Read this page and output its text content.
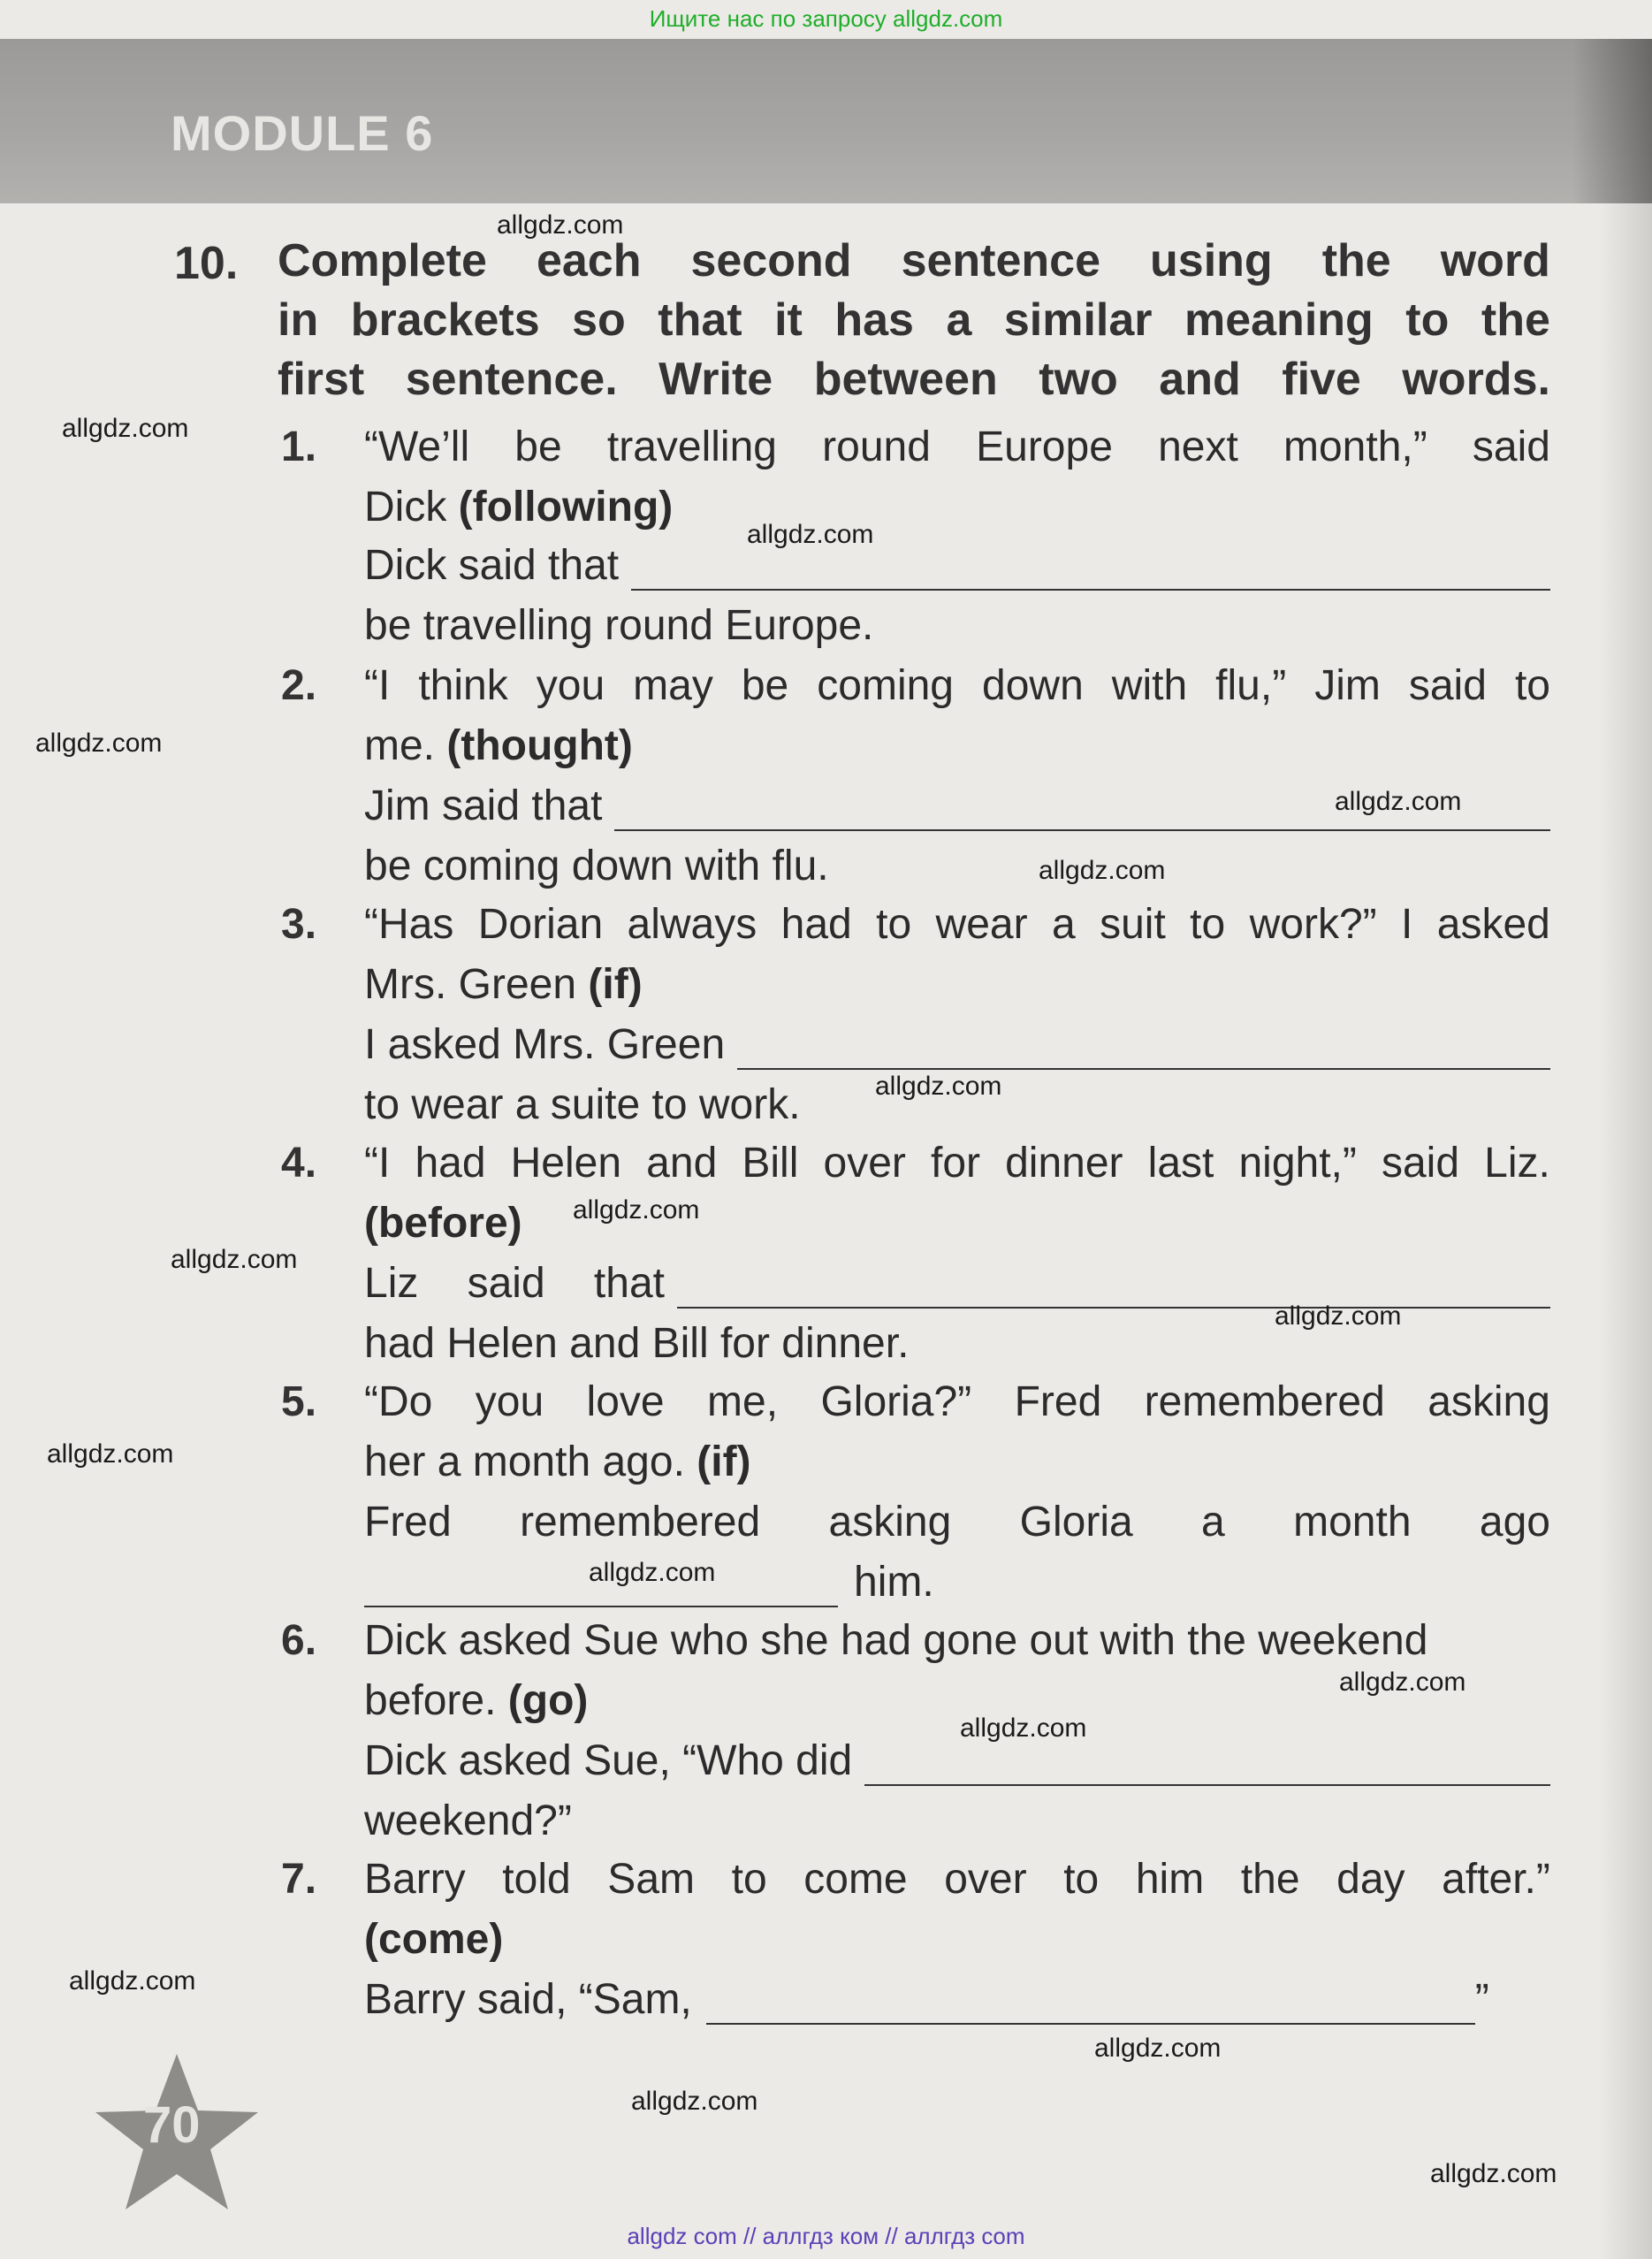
Ищите нас по запросу allgdz.com
MODULE 6
10. Complete each second sentence using the word
in brackets so that it has a similar meaning to the
first sentence. Write between two and five words.
1. “We’ll be travelling round Europe next month,” said
Dick (following)
Dick said that
be travelling round Europe.
2. “I think you may be coming down with flu,” Jim said to
me. (thought)
Jim said that
be coming down with flu.
3. “Has Dorian always had to wear a suit to work?” I asked
Mrs. Green (if)
I asked Mrs. Green
to wear a suite to work.
4. “I had Helen and Bill over for dinner last night,” said Liz.
(before)
Liz said that
had Helen and Bill for dinner.
5. “Do you love me, Gloria?” Fred remembered asking
her a month ago. (if)
Fred remembered asking Gloria a month ago
him.
6. Dick asked Sue who she had gone out with the weekend
before. (go)
Dick asked Sue, “Who did
weekend?”
7. Barry told Sam to come over to him the day after.”
(come)
Barry said, “Sam,	”
allgdz.com
allgdz.com
allgdz.com
allgdz.com
allgdz.com
allgdz.com
allgdz.com
allgdz.com
allgdz.com
allgdz.com
allgdz.com
allgdz.com
allgdz.com
allgdz.com
allgdz.com
allgdz.com
allgdz.com
allgdz.com
70
allgdz com // аллгдз ком // аллгдз com
